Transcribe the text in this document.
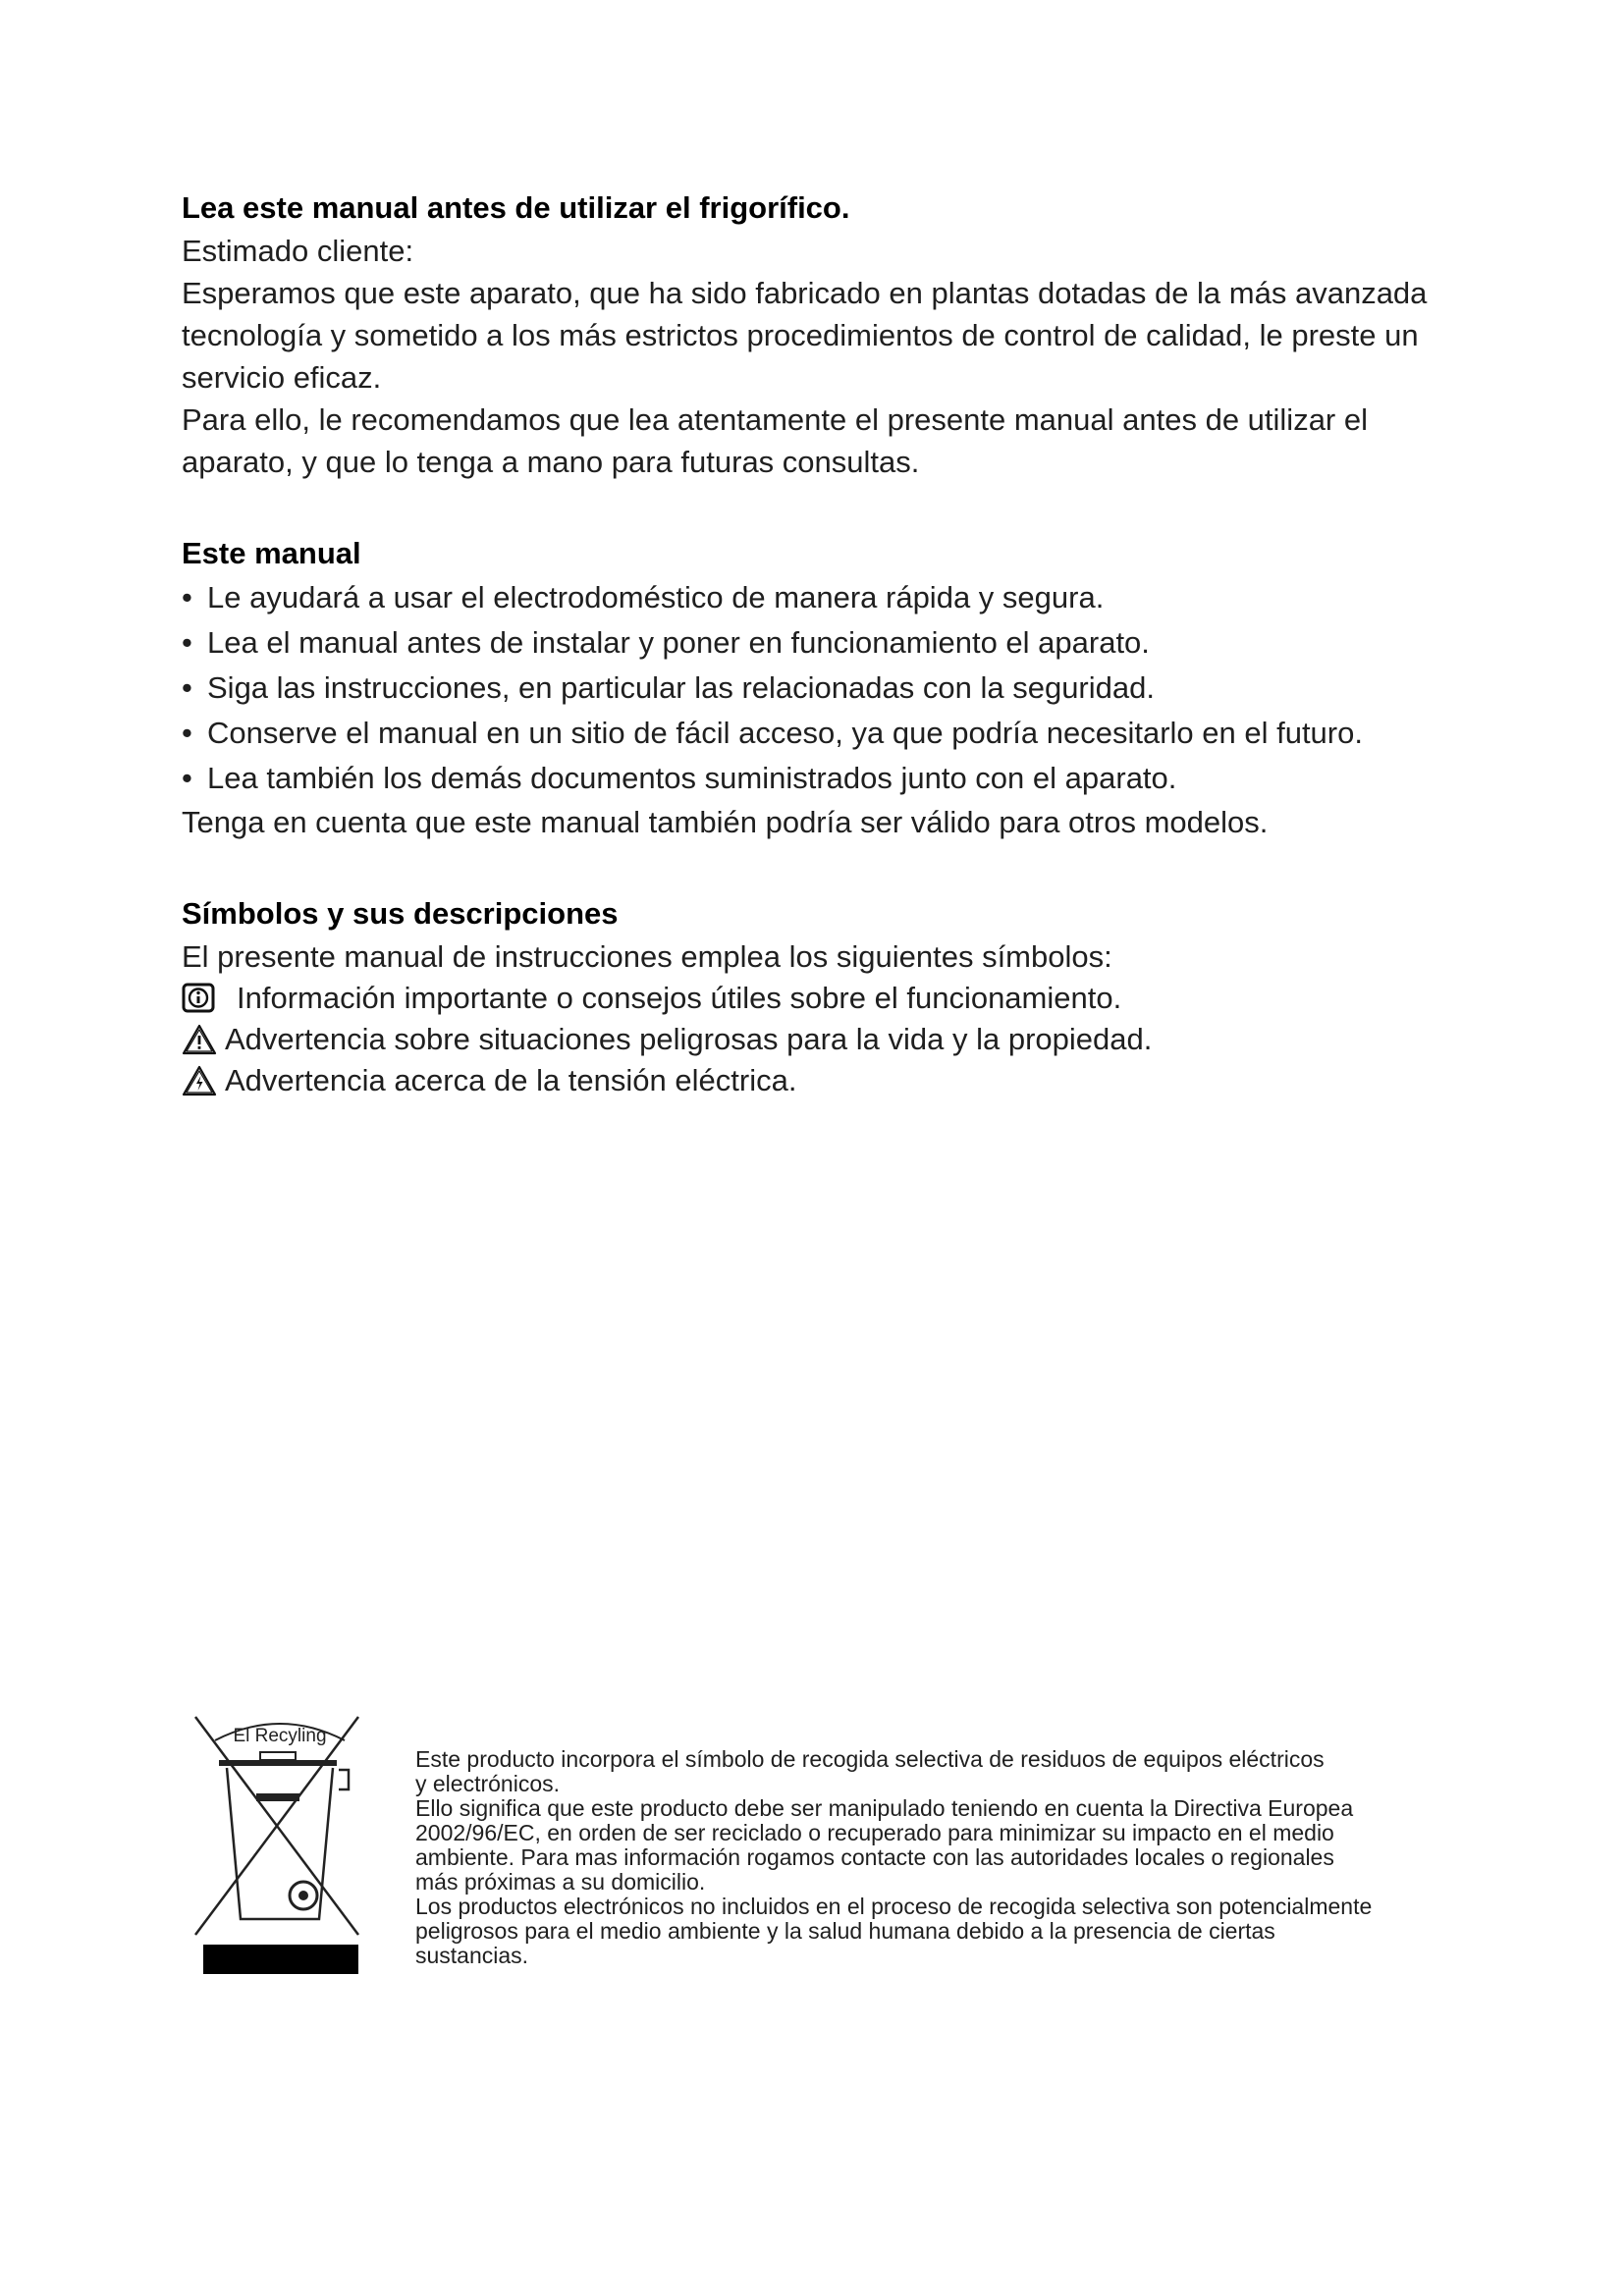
Lea este manual antes de utilizar el frigorífico.

Estimado cliente:

Esperamos que este aparato, que ha sido fabricado en plantas dotadas de la más avanzada tecnología y sometido a los más estrictos procedimientos de control de calidad, le preste un servicio eficaz.

Para ello, le recomendamos que lea atentamente el presente manual antes de utilizar el aparato, y que lo tenga a mano para futuras consultas.

Este manual

• Le ayudará a usar el electrodoméstico de manera rápida y segura.
• Lea el manual antes de instalar y poner en funcionamiento el aparato.
• Siga las instrucciones, en particular las relacionadas con la seguridad.
• Conserve el manual en un sitio de fácil acceso, ya que podría necesitarlo en el futuro.
• Lea también los demás documentos suministrados junto con el aparato.

Tenga en cuenta que este manual también podría ser válido para otros modelos.

Símbolos y sus descripciones

El presente manual de instrucciones emplea los siguientes símbolos:

Información importante o consejos útiles sobre el funcionamiento.
Advertencia sobre situaciones peligrosas para la vida y la propiedad.
Advertencia acerca de la tensión eléctrica.
El Recyling

Este producto incorpora el símbolo de recogida selectiva de residuos de equipos eléctricos

y electrónicos.

Ello significa que este producto debe ser manipulado teniendo en cuenta la Directiva Europea

2002/96/EC, en orden de ser reciclado o recuperado para minimizar su impacto en el medio

ambiente. Para mas información rogamos contacte con las autoridades locales o regionales

más próximas a su domicilio.

Los productos electrónicos no incluidos en el proceso de recogida selectiva son potencialmente

peligrosos para el medio ambiente y la salud humana debido a la presencia de ciertas

sustancias.
